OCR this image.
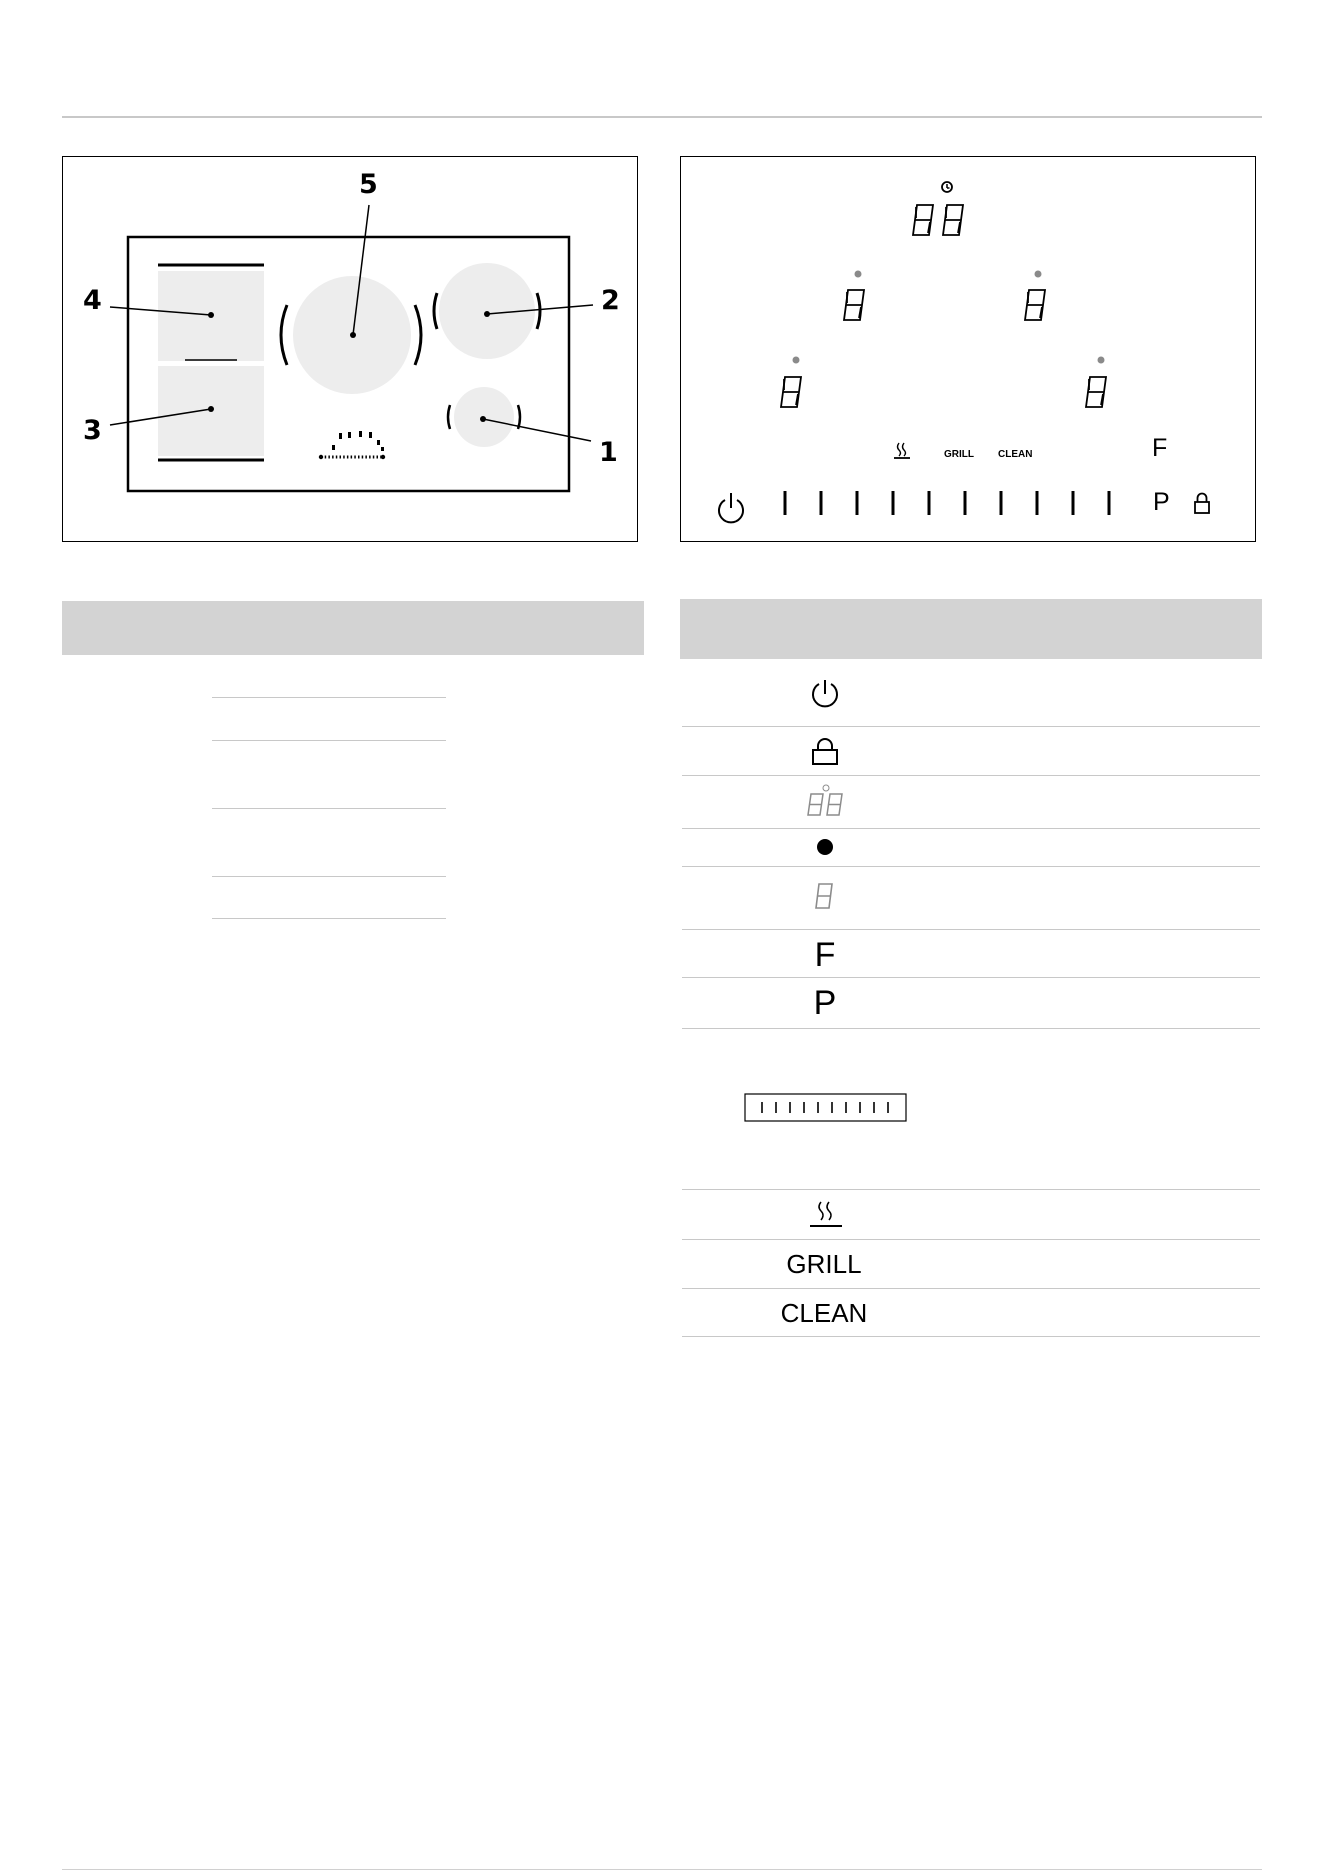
5
4
3
2
1	GRILL CLEAN	F
P
F
P
GRILL
CLEAN
